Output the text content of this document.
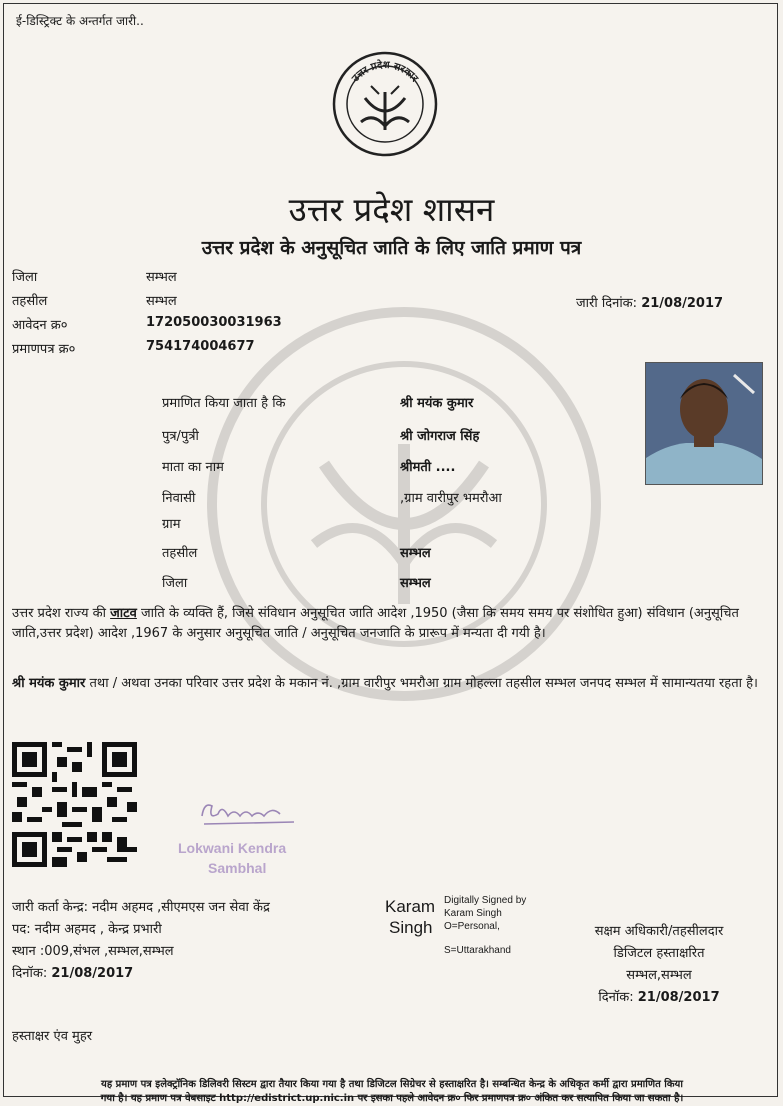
ई-डिस्ट्रिक्ट के अन्तर्गत जारी..
उत्तर प्रदेश सरकार
उत्तर प्रदेश शासन
उत्तर प्रदेश के अनुसूचित जाति के लिए जाति प्रमाण पत्र
जिला	सम्भल
तहसील	सम्भल
आवेदन क्र०	172050030031963
प्रमाणपत्र क्र०	754174004677
जारी दिनांक: 21/08/2017
प्रमाणित किया जाता है कि	श्री मयंक कुमार
पुत्र/पुत्री	श्री जोगराज सिंह
माता का नाम	श्रीमती ....
निवासी	,ग्राम वारीपुर भमरौआ
ग्राम
तहसील	सम्भल
जिला	सम्भल
उत्तर प्रदेश राज्य की जाटव जाति के व्यक्ति हैं, जिसे संविधान अनुसूचित जाति आदेश ,1950 (जैसा कि समय समय पर संशोधित हुआ) संविधान (अनुसूचित जाति,उत्तर प्रदेश) आदेश ,1967 के अनुसार अनुसूचित जाति / अनुसूचित जनजाति के प्रारूप में मन्यता दी गयी है।
श्री मयंक कुमार तथा / अथवा उनका परिवार उत्तर प्रदेश के मकान नं. ,ग्राम वारीपुर भमरौआ ग्राम मोहल्ला तहसील सम्भल जनपद सम्भल में सामान्यतया रहता है।
Lokwani Kendra
Sambhal
जारी कर्ता केन्द्र: नदीम अहमद ,सीएमएस जन सेवा केंद्र
पद: नदीम अहमद , केन्द्र प्रभारी
स्थान :009,संभल ,सम्भल,सम्भल
दिनॉक: 21/08/2017
Karam
Singh
Digitally Signed by
Karam Singh
O=Personal,
S=Uttarakhand
सक्षम अधिकारी/तहसीलदार
डिजिटल हस्ताक्षरित
सम्भल,सम्भल
दिनॉक: 21/08/2017
हस्ताक्षर एंव मुहर
यह प्रमाण पत्र इलेक्ट्रॉनिक डिलिवरी सिस्टम द्वारा तैयार किया गया है तथा डिजिटल सिग्रेचर से हस्ताक्षरित है। सम्बन्धित केन्द्र के अधिकृत कर्मी द्वारा प्रमाणित किया
गया है। यह प्रमाण पत्र वेबसाइट http://edistrict.up.nic.in पर इसका पहले आवेदन क्र० फिर प्रमाणपत्र क्र० अंकित कर सत्यापित किया जा सकता है।
